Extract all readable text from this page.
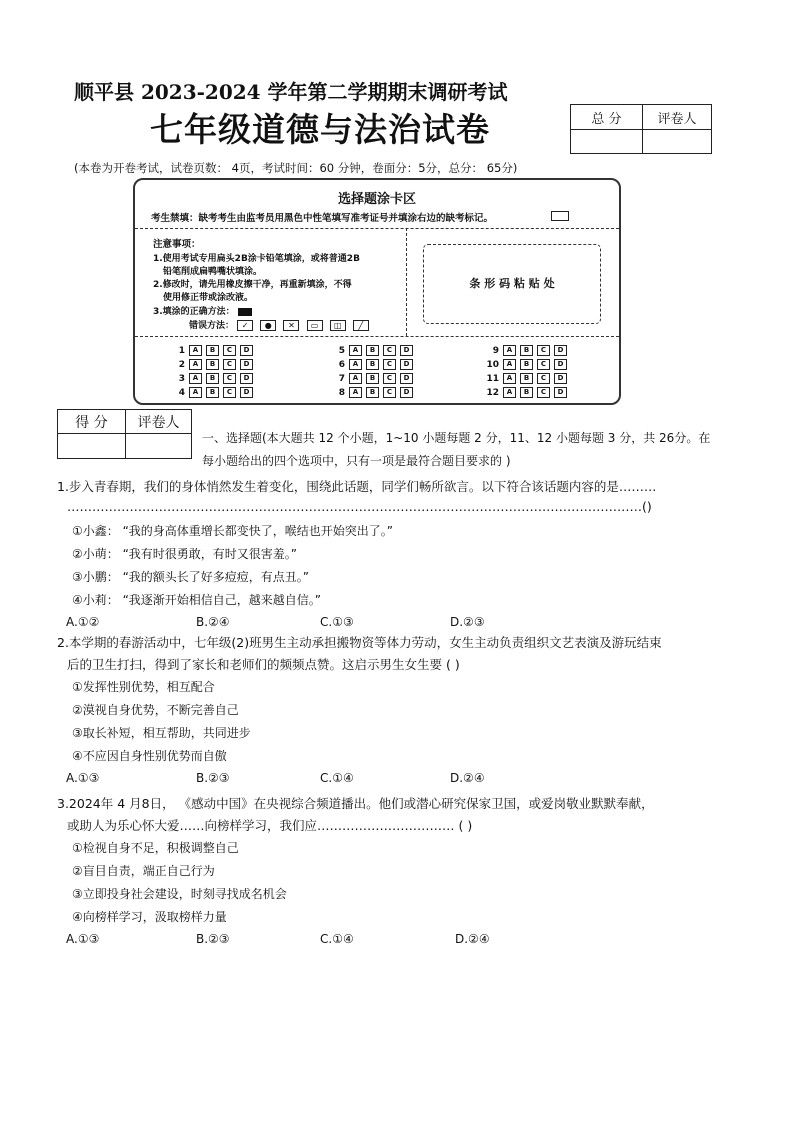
顺平县 2023-2024 学年第二学期期末调研考试
七年级道德与法治试卷
(本卷为开卷考试，试卷页数： 4页，考试时间：60 分钟，卷面分：5分，总分： 65分)
总 分	评卷人

选择题涂卡区
考生禁填：缺考考生由监考员用黑色中性笔填写准考证号并填涂右边的缺考标记。
注意事项：
1.使用考试专用扁头2B涂卡铅笔填涂，或将普通2B
铅笔削成扁鸭嘴状填涂。
2.修改时，请先用橡皮擦干净，再重新填涂，不得
使用修正带或涂改液。
3.填涂的正确方法：
错误方法： ✓ ● ✕ ▭ ◫ ╱
条 形 码 粘 贴 处
1 A B C D
2 A B C D
3 A B C D
4 A B C D
5 A B C D
6 A B C D
7 A B C D
8 A B C D
9 A B C D
10 A B C D
11 A B C D
12 A B C D
得 分	评卷人

一、选择题(本大题共 12 个小题，1~10 小题每题 2 分，11、12 小题每题 3 分，共 26分。在
每小题给出的四个选项中，只有一项是最符合题目要求的 )
1.步入青春期，我们的身体悄然发生着变化，围绕此话题，同学们畅所欲言。以下符合该话题内容的是………
…………………………………………………………………………………………………………………………()
①小鑫： “我的身高体重增长都变快了，喉结也开始突出了。”
②小萌： “我有时很勇敢，有时又很害羞。”
③小鹏： “我的额头长了好多痘痘，有点丑。”
④小莉： “我逐渐开始相信自己，越来越自信。”
A.①②	B.②④	C.①③	D.②③
2.本学期的春游活动中，七年级(2)班男生主动承担搬物资等体力劳动，女生主动负责组织文艺表演及游玩结束
后的卫生打扫，得到了家长和老师们的频频点赞。这启示男生女生要 ( )
①发挥性别优势，相互配合
②漠视自身优势，不断完善自己
③取长补短，相互帮助，共同进步
④不应因自身性别优势而自傲
A.①③	B.②③	C.①④	D.②④
3.2024年 4 月8日， 《感动中国》在央视综合频道播出。他们或潜心研究保家卫国，或爱岗敬业默默奉献，
或助人为乐心怀大爱……向榜样学习，我们应…………………………… ( )
①检视自身不足，积极调整自己
②盲目自责，端正自己行为
③立即投身社会建设，时刻寻找成名机会
④向榜样学习，汲取榜样力量
A.①③	B.②③	C.①④	D.②④
